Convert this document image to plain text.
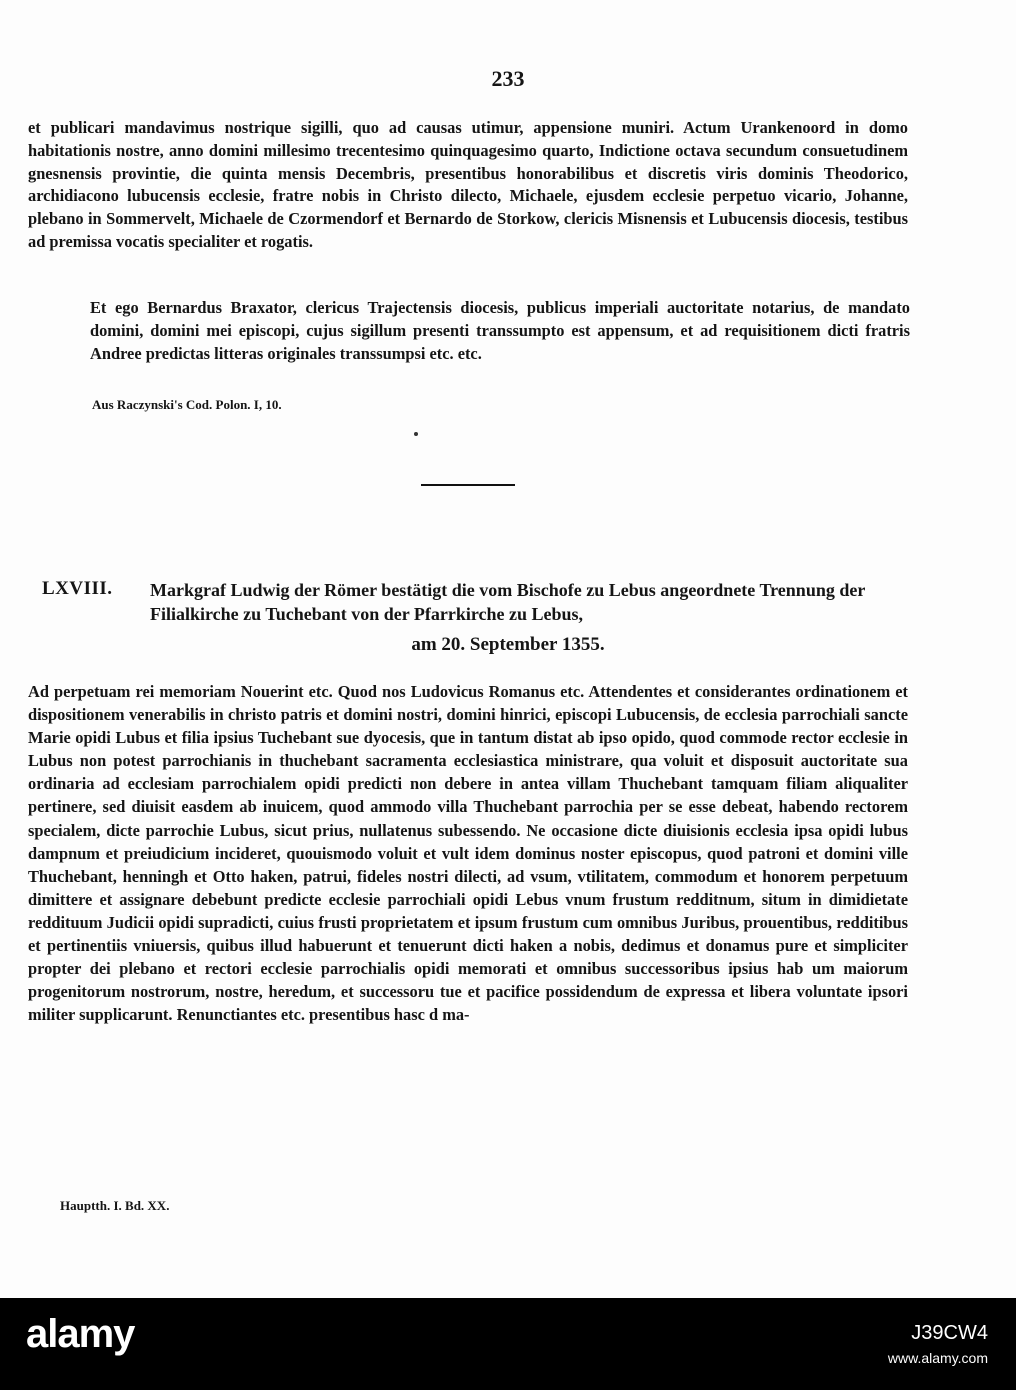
233

et publicari mandavimus nostrique sigilli, quo ad causas utimur, appensione muniri. Actum Urankenoord in domo habitationis nostre, anno domini millesimo trecentesimo quinquagesimo quarto, Indictione octava secundum consuetudinem gnesnensis provintie, die quinta mensis Decembris, presentibus honorabilibus et discretis viris dominis Theodorico, archidiacono lubucensis ecclesie, fratre nobis in Christo dilecto, Michaele, ejusdem ecclesie perpetuo vicario, Johanne, plebano in Sommervelt, Michaele de Czormendorf et Bernardo de Storkow, clericis Misnensis et Lubucensis diocesis, testibus ad premissa vocatis specialiter et rogatis.

Et ego Bernardus Braxator, clericus Trajectensis diocesis, publicus imperiali auctoritate notarius, de mandato domini, domini mei episcopi, cujus sigillum presenti transsumpto est appensum, et ad requisitionem dicti fratris Andree predictas litteras originales transsumpsi etc. etc.

Aus Raczynski's Cod. Polon. I, 10.
LXVIII. Markgraf Ludwig der Römer bestätigt die vom Bischofe zu Lebus angeordnete Trennung der Filialkirche zu Tuchebant von der Pfarrkirche zu Lebus,

am 20. September 1355.

Ad perpetuam rei memoriam Nouerint etc. Quod nos Ludovicus Romanus etc. Attendentes et considerantes ordinationem et dispositionem venerabilis in christo patris et domini nostri, domini hinrici, episcopi Lubucensis, de ecclesia parrochiali sancte Marie opidi Lubus et filia ipsius Tuchebant sue dyocesis, que in tantum distat ab ipso opido, quod commode rector ecclesie in Lubus non potest parrochianis in thuchebant sacramenta ecclesiastica ministrare, qua voluit et disposuit auctoritate sua ordinaria ad ecclesiam parrochialem opidi predicti non debere in antea villam Thuchebant tamquam filiam aliqualiter pertinere, sed diuisit easdem ab inuicem, quod ammodo villa Thuchebant parrochia per se esse debeat, habendo rectorem specialem, dicte parrochie Lubus, sicut prius, nullatenus subessendo. Ne occasione dicte diuisionis ecclesia ipsa opidi lubus dampnum et preiudicium incideret, quouismodo voluit et vult idem dominus noster episcopus, quod patroni et domini ville Thuchebant, henningh et Otto haken, patrui, fideles nostri dilecti, ad vsum, vtilitatem, commodum et honorem perpetuum dimittere et assignare debebunt predicte ecclesie parrochiali opidi Lebus vnum frustum redditnum, situm in dimidietate reddituum Judicii opidi supradicti, cuius frusti proprietatem et ipsum frustum cum omnibus Juribus, prouentibus, redditibus et pertinentiis vniuersis, quibus illud habuerunt et tenuerunt dicti haken a nobis, dedimus et donamus pure et simpliciter propter dei plebano et rectori ecclesie parrochialis opidi memorati et omnibus successoribus ipsius hab um maiorum progenitorum nostrorum, nostre, heredum, et successoru tue et pacifice possidendum de expressa et libera voluntate ipsori militer supplicarunt. Renunctiantes etc. presentibus hasc d ma-

Hauptth. I. Bd. XX.
alamy	J39CW4
www.alamy.com
